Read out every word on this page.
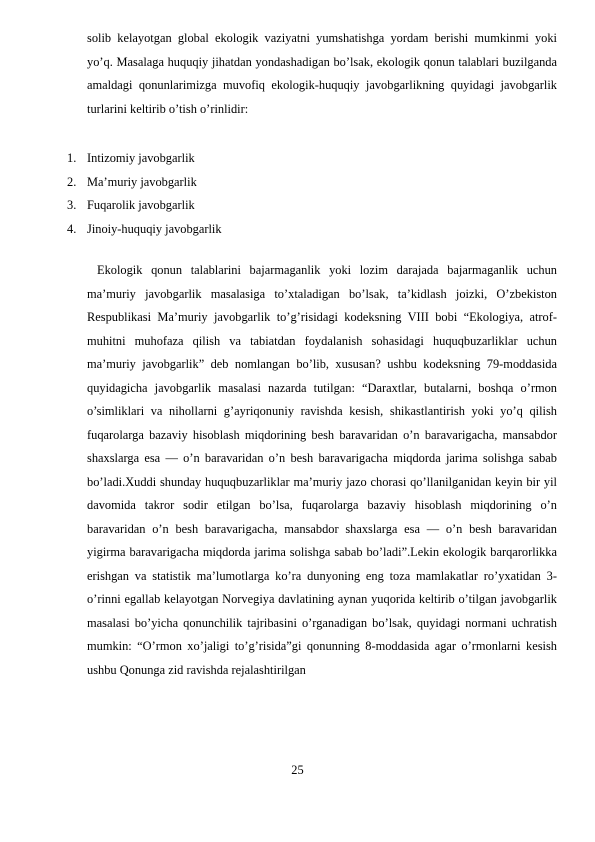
solib kelayotgan global ekologik vaziyatni yumshatishga yordam berishi mumkinmi yoki yo’q. Masalaga huquqiy jihatdan yondashadigan bo’lsak, ekologik qonun talablari buzilganda amaldagi qonunlarimizga muvofiq ekologik-huquqiy javobgarlikning quyidagi javobgarlik turlarini keltirib o’tish o’rinlidir:

1. Intizomiy javobgarlik
2. Ma’muriy javobgarlik
3. Fuqarolik javobgarlik
4. Jinoiy-huquqiy javobgarlik

Ekologik qonun talablarini bajarmaganlik yoki lozim darajada bajarmaganlik uchun ma’muriy javobgarlik masalasiga to’xtaladigan bo’lsak, ta’kidlash joizki, O’zbekiston Respublikasi Ma’muriy javobgarlik to’g’risidagi kodeksning VIII bobi “Ekologiya, atrof-muhitni muhofaza qilish va tabiatdan foydalanish sohasidagi huquqbuzarliklar uchun ma’muriy javobgarlik” deb nomlangan bo’lib, xususan? ushbu kodeksning 79-moddasida quyidagicha javobgarlik masalasi nazarda tutilgan: “Daraxtlar, butalarni, boshqa o’rmon o’simliklari va nihollarni g’ayriqonuniy ravishda kesish, shikastlantirish yoki yo’q qilish fuqarolarga bazaviy hisoblash miqdorining besh baravaridan o’n baravarigacha, mansabdor shaxslarga esa — o’n baravaridan o’n besh baravarigacha miqdorda jarima solishga sabab bo’ladi.Xuddi shunday huquqbuzarliklar ma’muriy jazo chorasi qo’llanilganidan keyin bir yil davomida takror sodir etilgan bo’lsa, fuqarolarga bazaviy hisoblash miqdorining o’n baravaridan o’n besh baravarigacha, mansabdor shaxslarga esa — o’n besh baravaridan yigirma baravarigacha miqdorda jarima solishga sabab bo’ladi”.Lekin ekologik barqarorlikka erishgan va statistik ma’lumotlarga ko’ra dunyoning eng toza mamlakatlar ro’yxatidan 3-o’rinni egallab kelayotgan Norvegiya davlatining aynan yuqorida keltirib o’tilgan javobgarlik masalasi bo’yicha qonunchilik tajribasini o’rganadigan bo’lsak, quyidagi normani uchratish mumkin: “O’rmon xo’jaligi to’g’risida”gi qonunning 8-moddasida agar o’rmonlarni kesish ushbu Qonunga zid ravishda rejalashtirilgan

25
